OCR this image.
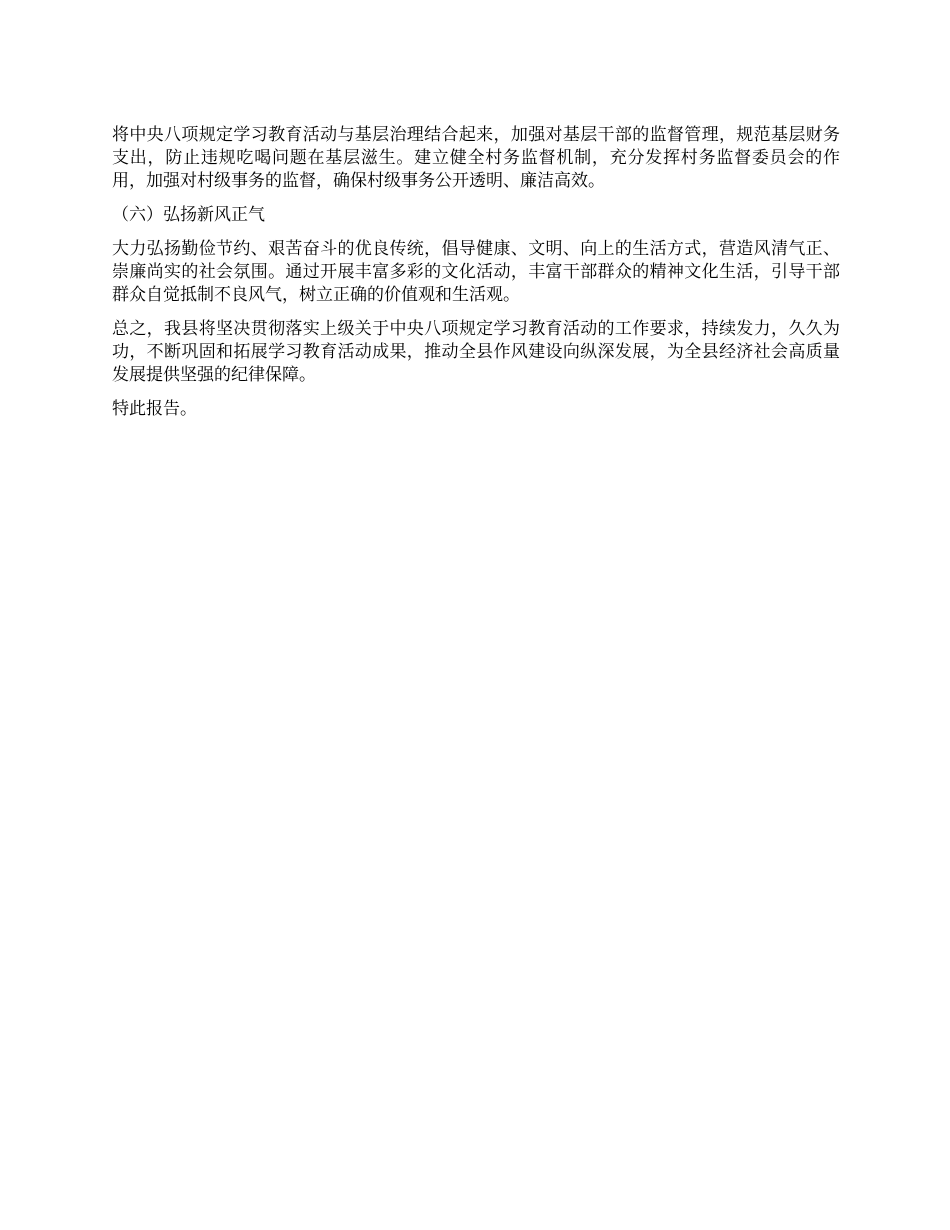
将中央八项规定学习教育活动与基层治理结合起来，加强对基层干部的监督管理，规范基层财务支出，防止违规吃喝问题在基层滋生。建立健全村务监督机制，充分发挥村务监督委员会的作用，加强对村级事务的监督，确保村级事务公开透明、廉洁高效。

（六）弘扬新风正气

大力弘扬勤俭节约、艰苦奋斗的优良传统，倡导健康、文明、向上的生活方式，营造风清气正、崇廉尚实的社会氛围。通过开展丰富多彩的文化活动，丰富干部群众的精神文化生活，引导干部群众自觉抵制不良风气，树立正确的价值观和生活观。

总之，我县将坚决贯彻落实上级关于中央八项规定学习教育活动的工作要求，持续发力，久久为功，不断巩固和拓展学习教育活动成果，推动全县作风建设向纵深发展，为全县经济社会高质量发展提供坚强的纪律保障。

特此报告。
